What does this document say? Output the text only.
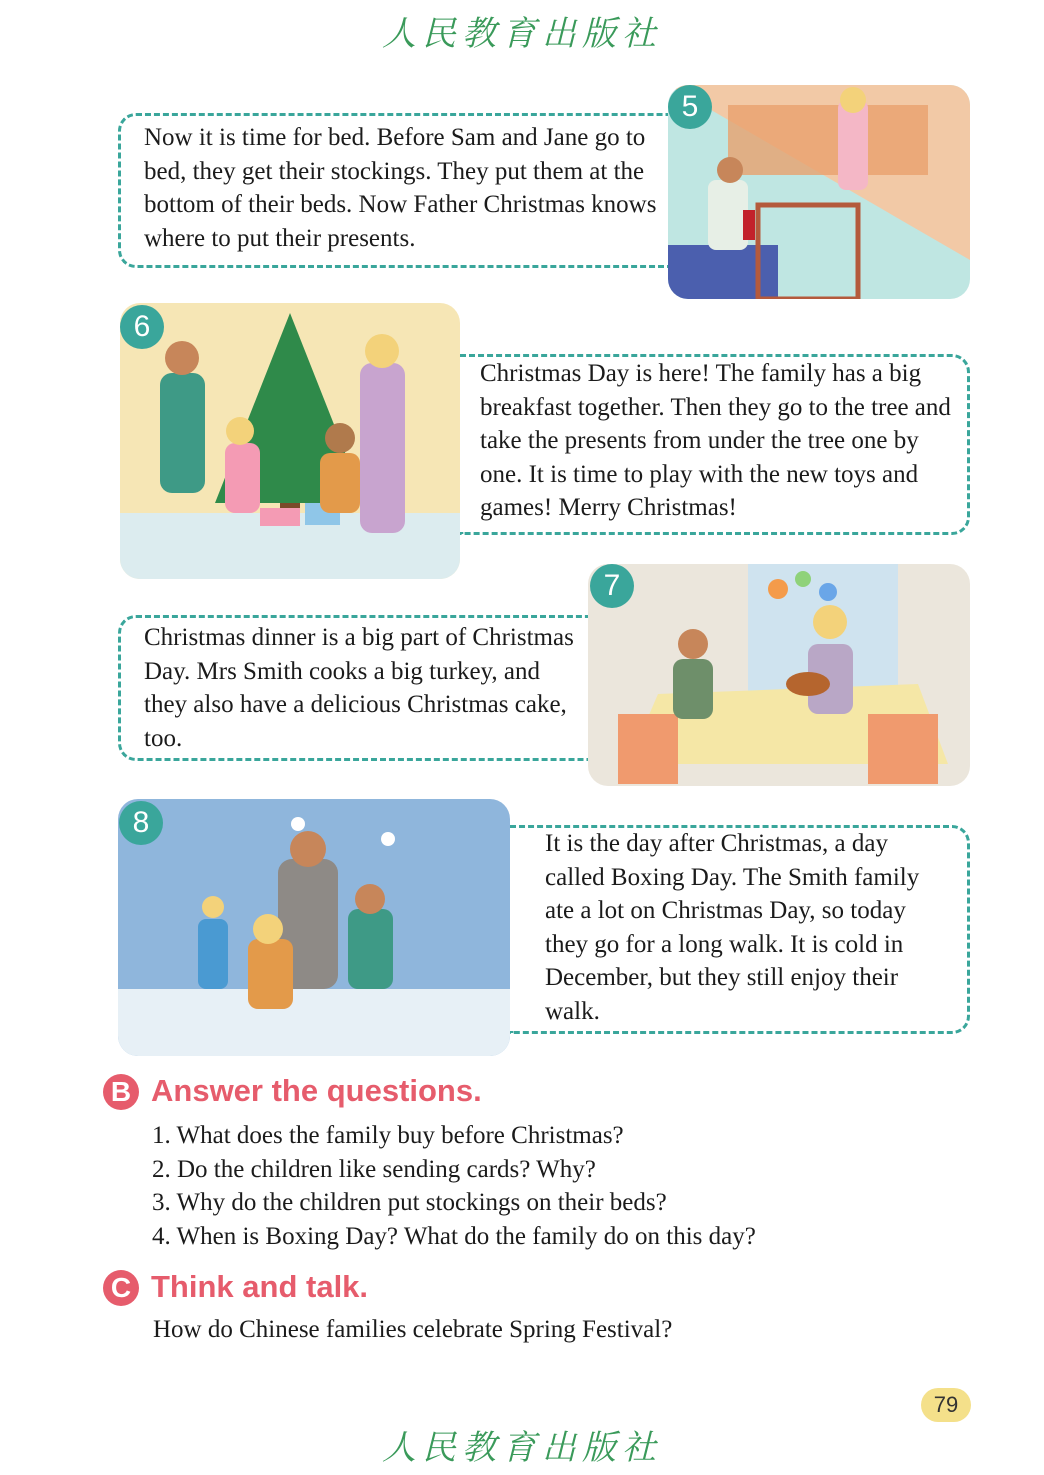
人民教育出版社
Now it is time for bed. Before Sam and Jane go to bed, they get their stockings. They put them at the bottom of their beds. Now Father Christmas knows where to put their presents.
5
6
Christmas Day is here! The family has a big breakfast together. Then they go to the tree and take the presents from under the tree one by one. It is time to play with the new toys and games! Merry Christmas!
Christmas dinner is a big part of Christmas Day. Mrs Smith cooks a big turkey, and they also have a delicious Christmas cake, too.
7
8
It is the day after Christmas, a day called Boxing Day. The Smith family ate a lot on Christmas Day, so today they go for a long walk. It is cold in December, but they still enjoy their walk.
B Answer the questions.
1. What does the family buy before Christmas?
2. Do the children like sending cards? Why?
3. Why do the children put stockings on their beds?
4. When is Boxing Day? What do the family do on this day?
C Think and talk.
How do Chinese families celebrate Spring Festival?
79
人民教育出版社
